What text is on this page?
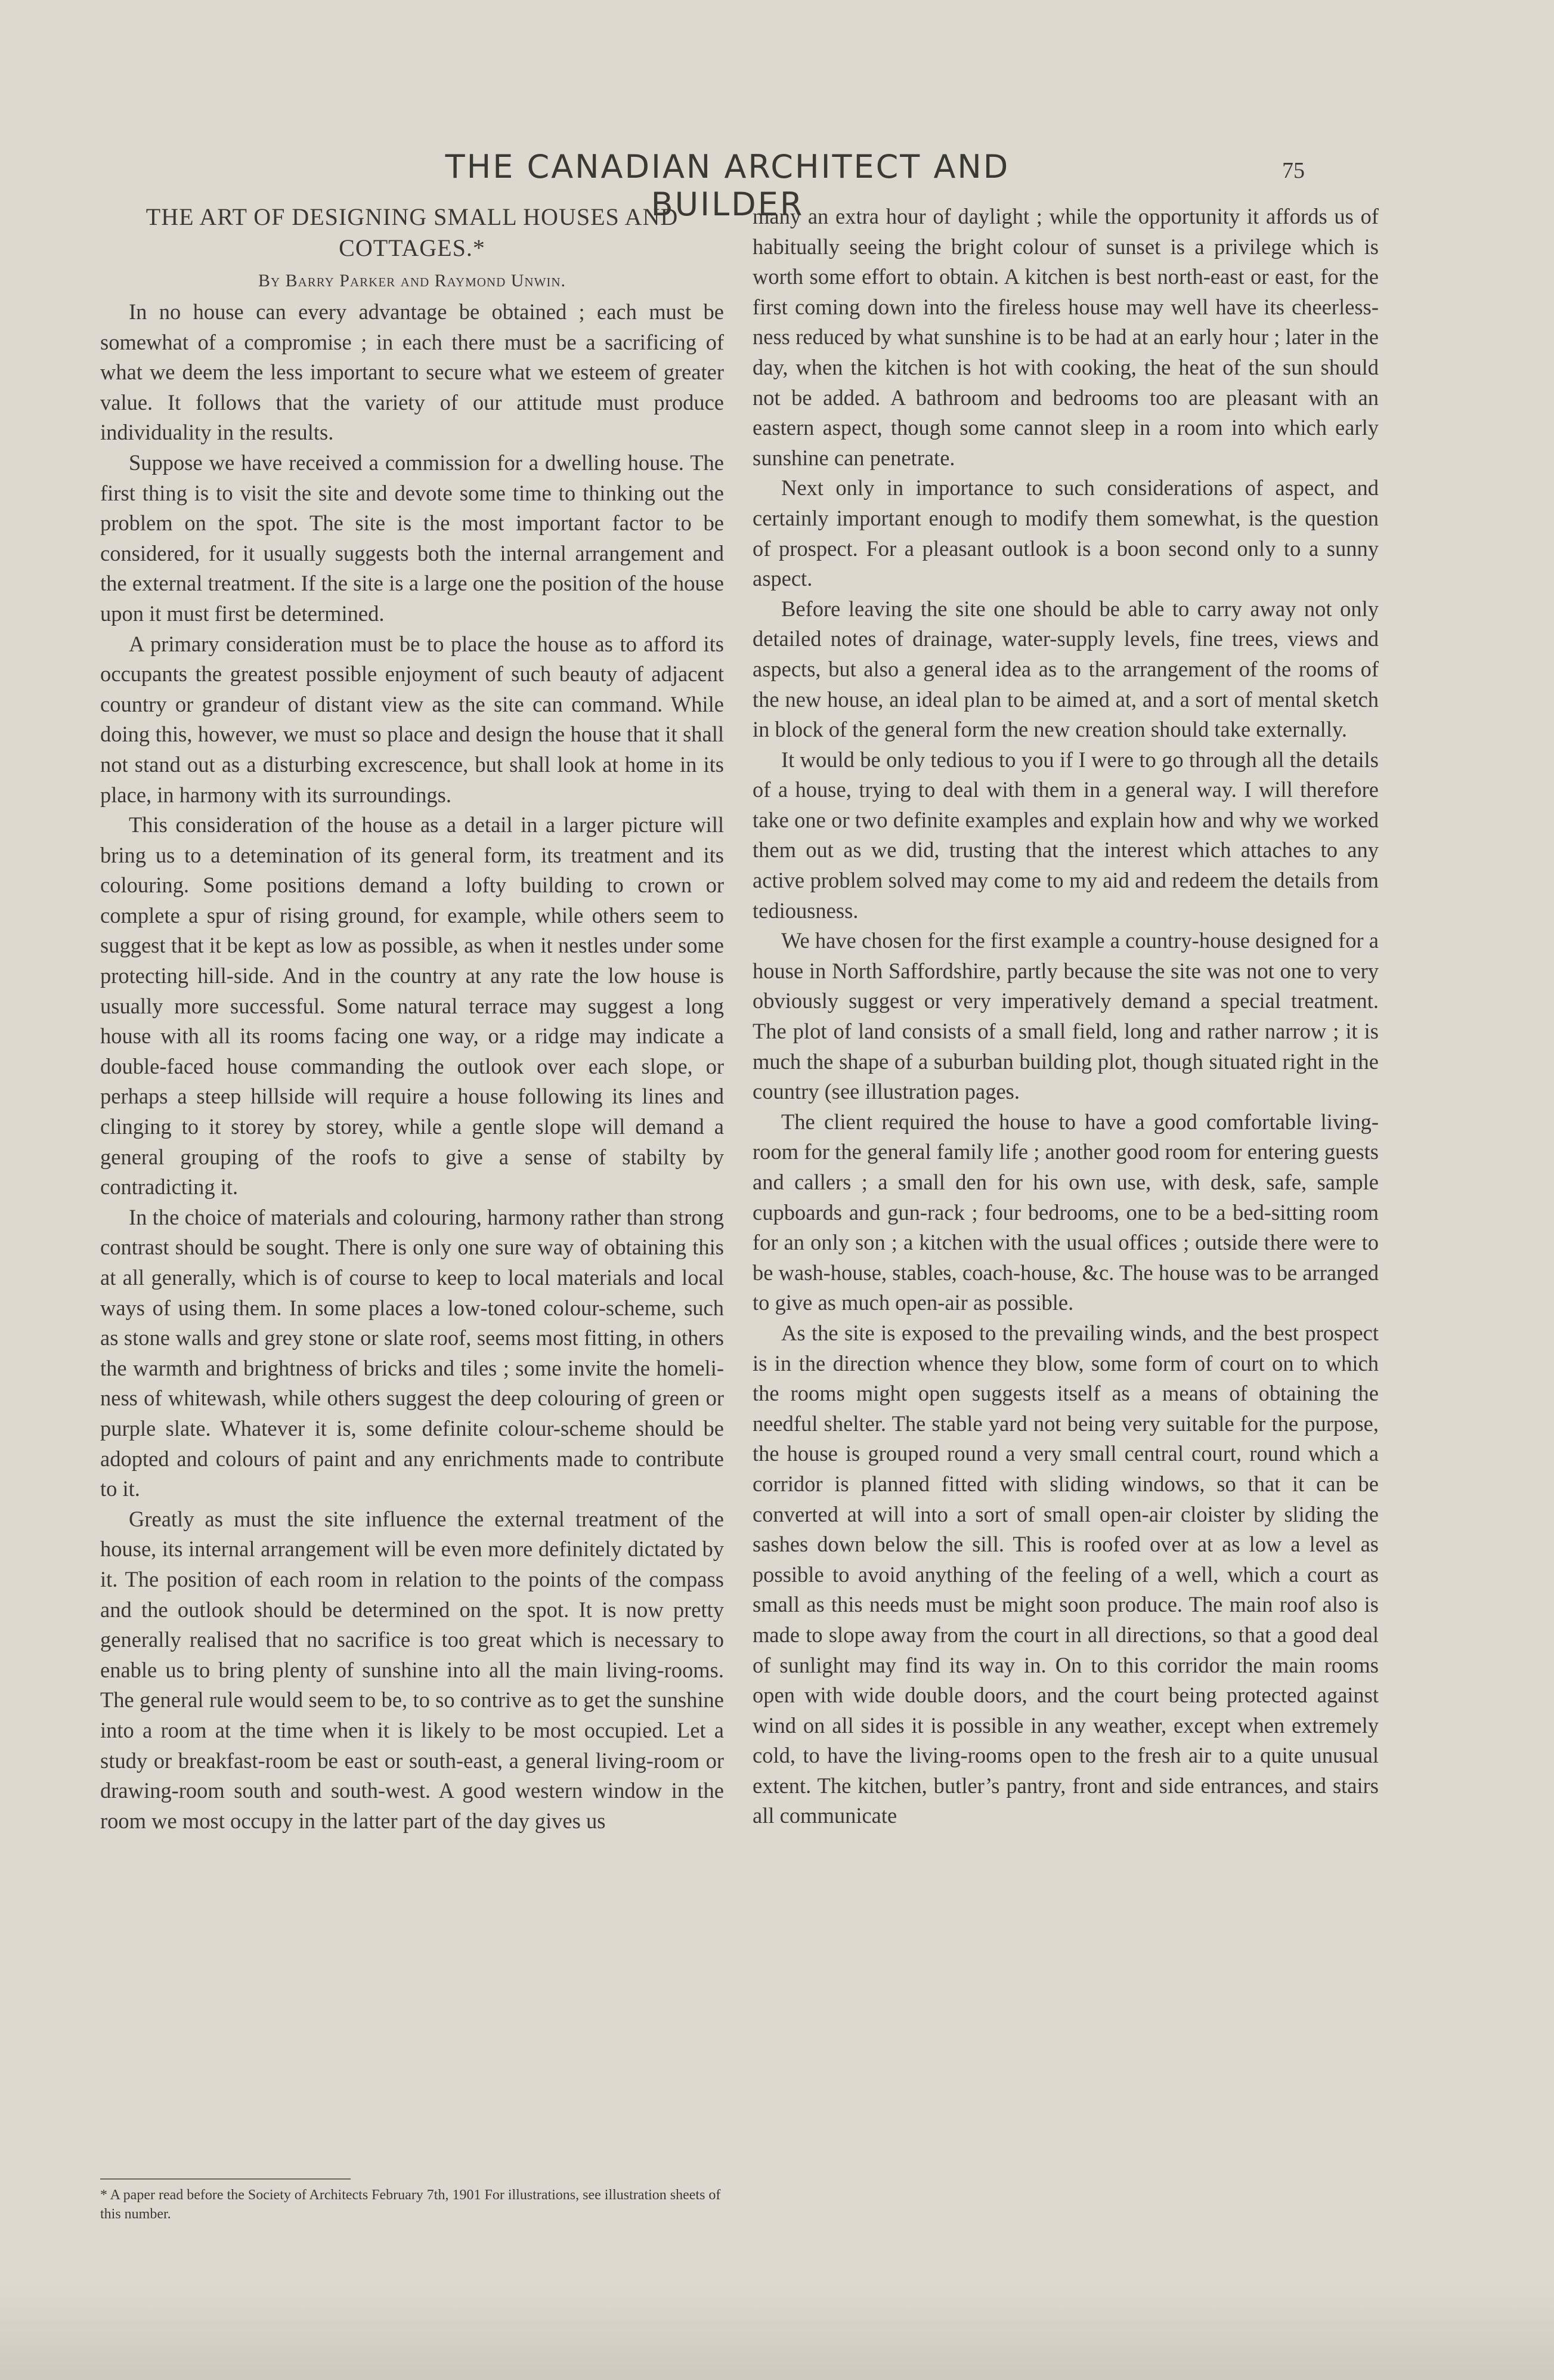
THE CANADIAN ARCHITECT AND BUILDER
75
THE ART OF DESIGNING SMALL HOUSES AND COTTAGES.*
By Barry Parker and Raymond Unwin.

In no house can every advantage be obtained ; each must be somewhat of a compromise ; in each there must be a sacrificing of what we deem the less important to secure what we esteem of greater value. It follows that the variety of our attitude must produce individuality in the results.

Suppose we have received a commission for a dwelling house. The first thing is to visit the site and devote some time to thinking out the problem on the spot. The site is the most important factor to be considered, for it usually suggests both the internal arrangement and the external treatment. If the site is a large one the position of the house upon it must first be determined.

A primary consideration must be to place the house as to afford its occupants the greatest possible enjoyment of such beauty of adjacent country or grandeur of distant view as the site can command. While doing this, however, we must so place and design the house that it shall not stand out as a disturbing excrescence, but shall look at home in its place, in harmony with its surroundings.

This consideration of the house as a detail in a larger picture will bring us to a detemination of its general form, its treatment and its colouring. Some positions demand a lofty building to crown or complete a spur of rising ground, for example, while others seem to suggest that it be kept as low as possible, as when it nestles under some protecting hill-side. And in the country at any rate the low house is usually more successful. Some natural terrace may suggest a long house with all its rooms facing one way, or a ridge may indicate a double-faced house commanding the outlook over each slope, or perhaps a steep hillside will require a house following its lines and clinging to it storey by storey, while a gentle slope will demand a general grouping of the roofs to give a sense of stabilty by contradicting it.

In the choice of materials and colouring, harmony rather than strong contrast should be sought. There is only one sure way of obtaining this at all generally, which is of course to keep to local materials and local ways of using them. In some places a low-toned colour-scheme, such as stone walls and grey stone or slate roof, seems most fitting, in others the warmth and brightness of bricks and tiles ; some invite the homeliness of whitewash, while others suggest the deep colouring of green or purple slate. Whatever it is, some definite colour-scheme should be adopted and colours of paint and any enrichments made to contribute to it.

Greatly as must the site influence the external treatment of the house, its internal arrangement will be even more definitely dictated by it. The position of each room in relation to the points of the compass and the outlook should be determined on the spot. It is now pretty generally realised that no sacrifice is too great which is necessary to enable us to bring plenty of sunshine into all the main living-rooms. The general rule would seem to be, to so contrive as to get the sunshine into a room at the time when it is likely to be most occupied. Let a study or breakfast-room be east or south-east, a general living-room or drawing-room south and south-west. A good western window in the room we most occupy in the latter part of the day gives us

* A paper read before the Society of Architects February 7th, 1901 For illustrations, see illustration sheets of this number.

many an extra hour of daylight ; while the opportunity it affords us of habitually seeing the bright colour of sunset is a privilege which is worth some effort to obtain. A kitchen is best north-east or east, for the first coming down into the fireless house may well have its cheerlessness reduced by what sunshine is to be had at an early hour ; later in the day, when the kitchen is hot with cooking, the heat of the sun should not be added. A bathroom and bedrooms too are pleasant with an eastern aspect, though some cannot sleep in a room into which early sunshine can penetrate.

Next only in importance to such considerations of aspect, and certainly important enough to modify them somewhat, is the question of prospect. For a pleasant outlook is a boon second only to a sunny aspect.

Before leaving the site one should be able to carry away not only detailed notes of drainage, water-supply levels, fine trees, views and aspects, but also a general idea as to the arrangement of the rooms of the new house, an ideal plan to be aimed at, and a sort of mental sketch in block of the general form the new creation should take externally.

It would be only tedious to you if I were to go through all the details of a house, trying to deal with them in a general way. I will therefore take one or two definite examples and explain how and why we worked them out as we did, trusting that the interest which attaches to any active problem solved may come to my aid and redeem the details from tediousness.

We have chosen for the first example a country-house designed for a house in North Saffordshire, partly because the site was not one to very obviously suggest or very imperatively demand a special treatment. The plot of land consists of a small field, long and rather narrow ; it is much the shape of a suburban building plot, though situated right in the country (see illustration pages.

The client required the house to have a good comfortable living-room for the general family life ; another good room for entering guests and callers ; a small den for his own use, with desk, safe, sample cupboards and gun-rack ; four bedrooms, one to be a bed-sitting room for an only son ; a kitchen with the usual offices ; outside there were to be wash-house, stables, coach-house, &c. The house was to be arranged to give as much open-air as possible.

As the site is exposed to the prevailing winds, and the best prospect is in the direction whence they blow, some form of court on to which the rooms might open suggests itself as a means of obtaining the needful shelter. The stable yard not being very suitable for the purpose, the house is grouped round a very small central court, round which a corridor is planned fitted with sliding windows, so that it can be converted at will into a sort of small open-air cloister by sliding the sashes down below the sill. This is roofed over at as low a level as possible to avoid anything of the feeling of a well, which a court as small as this needs must be might soon produce. The main roof also is made to slope away from the court in all directions, so that a good deal of sunlight may find its way in. On to this corridor the main rooms open with wide double doors, and the court being protected against wind on all sides it is possible in any weather, except when extremely cold, to have the living-rooms open to the fresh air to a quite unusual extent. The kitchen, butler’s pantry, front and side entrances, and stairs all communicate
